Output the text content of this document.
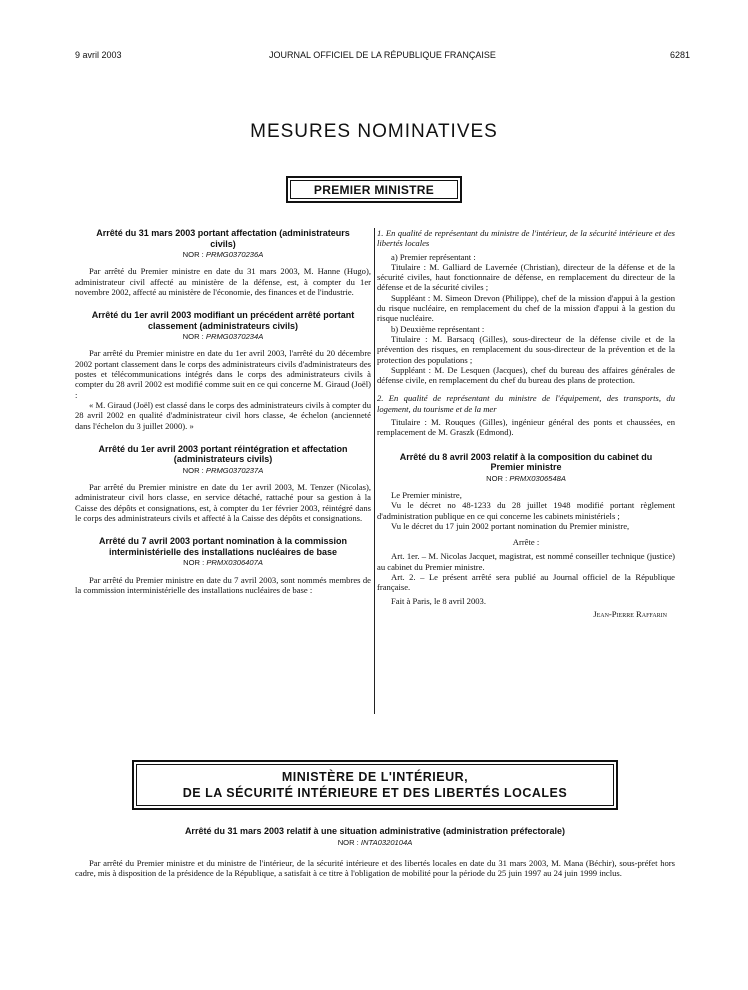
9 avril 2003	JOURNAL OFFICIEL DE LA RÉPUBLIQUE FRANÇAISE	6281
MESURES NOMINATIVES
PREMIER MINISTRE
Arrêté du 31 mars 2003 portant affectation (administrateurs civils)
NOR : PRMG0370236A

Par arrêté du Premier ministre en date du 31 mars 2003, M. Hanne (Hugo), administrateur civil affecté au ministère de la défense, est, à compter du 1er novembre 2002, affecté au ministère de l'économie, des finances et de l'industrie.

Arrêté du 1er avril 2003 modifiant un précédent arrêté portant classement (administrateurs civils)
NOR : PRMG0370234A

Par arrêté du Premier ministre en date du 1er avril 2003, l'arrêté du 20 décembre 2002 portant classement dans le corps des administrateurs civils d'administrateurs des postes et télécommunications intégrés dans le corps des administrateurs civils à compter du 28 avril 2002 est modifié comme suit en ce qui concerne M. Giraud (Joël) :

« M. Giraud (Joël) est classé dans le corps des administrateurs civils à compter du 28 avril 2002 en qualité d'administrateur civil hors classe, 4e échelon (ancienneté dans l'échelon du 3 juillet 2000). »

Arrêté du 1er avril 2003 portant réintégration et affectation (administrateurs civils)
NOR : PRMG0370237A

Par arrêté du Premier ministre en date du 1er avril 2003, M. Tenzer (Nicolas), administrateur civil hors classe, en service détaché, rattaché pour sa gestion à la Caisse des dépôts et consignations, est, à compter du 1er février 2003, réintégré dans le corps des administrateurs civils et affecté à la Caisse des dépôts et consignations.

Arrêté du 7 avril 2003 portant nomination à la commission interministérielle des installations nucléaires de base
NOR : PRMX0306407A

Par arrêté du Premier ministre en date du 7 avril 2003, sont nommés membres de la commission interministérielle des installations nucléaires de base :

1. En qualité de représentant du ministre de l'intérieur, de la sécurité intérieure et des libertés locales

a) Premier représentant :

Titulaire : M. Galliard de Lavernée (Christian), directeur de la défense et de la sécurité civiles, haut fonctionnaire de défense, en remplacement du directeur de la défense et de la sécurité civiles ;

Suppléant : M. Simeon Drevon (Philippe), chef de la mission d'appui à la gestion du risque nucléaire, en remplacement du chef de la mission d'appui à la gestion du risque nucléaire.

b) Deuxième représentant :

Titulaire : M. Barsacq (Gilles), sous-directeur de la défense civile et de la prévention des risques, en remplacement du sous-directeur de la prévention et de la protection des populations ;

Suppléant : M. De Lesquen (Jacques), chef du bureau des affaires générales de défense civile, en remplacement du chef du bureau des plans de protection.

2. En qualité de représentant du ministre de l'équipement, des transports, du logement, du tourisme et de la mer

Titulaire : M. Rouques (Gilles), ingénieur général des ponts et chaussées, en remplacement de M. Graszk (Edmond).

Arrêté du 8 avril 2003 relatif à la composition du cabinet du Premier ministre
NOR : PRMX0306548A

Le Premier ministre,

Vu le décret no 48-1233 du 28 juillet 1948 modifié portant règlement d'administration publique en ce qui concerne les cabinets ministériels ;

Vu le décret du 17 juin 2002 portant nomination du Premier ministre,

Arrête :

Art. 1er. – M. Nicolas Jacquet, magistrat, est nommé conseiller technique (justice) au cabinet du Premier ministre.

Art. 2. – Le présent arrêté sera publié au Journal officiel de la République française.

Fait à Paris, le 8 avril 2003.

Jean-Pierre Raffarin

MINISTÈRE DE L'INTÉRIEUR,
DE LA SÉCURITÉ INTÉRIEURE ET DES LIBERTÉS LOCALES
Arrêté du 31 mars 2003 relatif à une situation administrative (administration préfectorale)
NOR : INTA0320104A

Par arrêté du Premier ministre et du ministre de l'intérieur, de la sécurité intérieure et des libertés locales en date du 31 mars 2003, M. Mana (Béchir), sous-préfet hors cadre, mis à disposition de la présidence de la République, a satisfait à ce titre à l'obligation de mobilité pour la période du 25 juin 1997 au 24 juin 1999 inclus.
